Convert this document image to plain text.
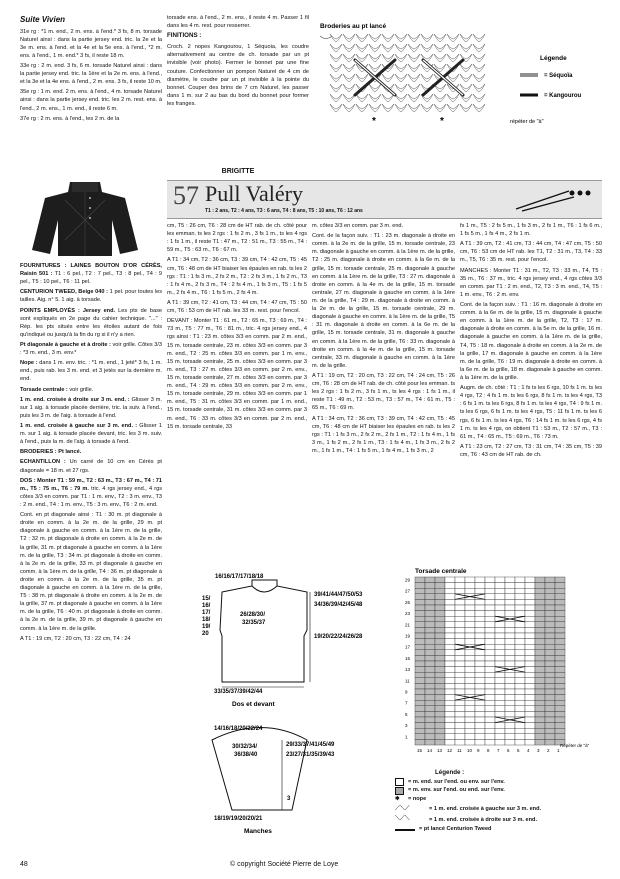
Suite Vivien

31e rg : *1 m. end., 2 m. ens. à l'end.* 3 fs, 8 m. torsade Naturel ainsi : dans la partie jersey end. tric. la 2e et la 3e m. ens. à l'end. et la 4e et la 5e ens. à l'end., *2 m. ens. à l'end., 1 m. end.* 3 fs, il reste 18 m.

33e rg : 2 m. end. 3 fs, 6 m. torsade Naturel ainsi : dans la partie jersey end. tric. la 1ère et la 2e m. ens. à l'end., et la 3e et la 4e ens. à l'end., 2 m. ens. 3 fs, il reste 10 m.

35e rg : 1 m. end. 2 m. ens. à l'end., 4 m. torsade Naturel ainsi : dans la partie jersey end. tric. les 2 m. rest. ens. à l'end., 2 m. ens., 1 m. end., il reste 6 m.

37e rg : 2 m. ens. à l'end., les 2 m. de la

torsade ens. à l'end., 2 m. ens., il reste 4 m. Passer 1 fil dans les 4 m. rest. pour resserrer.

FINITIONS :

Croch. 2 nopes Kangourou, 1 Séquoia, les coudre alternativement au centre de ch. torsade par un pt invisible (voir photo). Fermer le bonnet par une fine couture. Confectionner un pompon Naturel de 4 cm de diamètre, le coudre par un pt invisible à la pointe du bonnet. Couper des brins de 7 cm Naturel, les passer dans 1 m. sur 2 au bas du bord du bonnet pour former les franges.

BRIGITTE
Broderies au pt lancé
*	*	répéter de "à"
Légende
= Séquoïa
= Kangourou

FOURNITURES : LAINES BOUTON D'OR CÉRÈS, Raisin 501 : T1 : 6 pel., T2 : 7 pel., T3 : 8 pel., T4 : 9 pel., T5 : 10 pel., T6 : 11 pel.

CENTURION TWEED, Beige 040 : 1 pel. pour toutes les tailles. Aig. n° 5. 1 aig. à torsade.

POINTS EMPLOYÉS : Jersey end. Les pts de base sont expliqués en 2e page du cahier technique. "..." : Rép. les pts situés entre les étoiles autant de fois qu'indiqué ou jusqu'à la fin du rg si il n'y a rien.

Pt diagonale à gauche et à droite : voir grille. Côtes 3/3 : *3 m. end., 3 m. env.*

Nope : dans 1 m. env. tric. : *1 m. end., 1 jeté* 3 fs, 1 m. end., puis rab. les 3 m. end. et 3 jetés sur la dernière m. end.

Torsade centrale : voir grille.

1 m. end. croisée à droite sur 3 m. end. : Glisser 3 m. sur 1 aig. à torsade placée derrière, tric. la suiv. à l'end., puis les 3 m. de l'aig. à torsade à l'end.

1 m. end. croisée à gauche sur 3 m. end. : Glisser 1 m. sur 1 aig. à torsade placée devant, tric. les 3 m. suiv. à l'end., puis la m. de l'aig. à torsade à l'end.

BRODERIES : Pt lancé.

ECHANTILLON : Un carré de 10 cm en Cérès pt diagonale = 18 m. et 27 rgs.

DOS : Monter T1 : 59 m., T2 : 63 m., T3 : 67 m., T4 : 71 m., T5 : 75 m., T6 : 79 m. tric. 4 rgs jersey end., 4 rgs côtes 3/3 en comm. par T1 : 1 m. env., T2 : 3 m. env., T3 : 2 m. end., T4 : 1 m. env., T5 : 3 m. env., T6 : 2 m. end.

Cont. en pt diagonale ainsi : T1 : 30 m. pt diagonale à droite en comm. à la 2e m. de la grille, 29 m. pt diagonale à gauche en comm. à la 1ère m. de la grille, T2 : 32 m. pt diagonale à droite en comm. à la 2e m. de la grille, 31 m. pt diagonale à gauche en comm. à la 1ère m. de la grille, T3 : 34 m. pt diagonale à droite en comm. à la 2e m. de la grille, 33 m. pt diagonale à gauche en comm. à la 1ère m. de la grille, T4 : 36 m. pt diagonale à droite en comm. à la 2e m. de la grille, 35 m. pt diagonale à gauche en comm. à la 1ère m. de la grille, T5 : 38 m. pt diagonale à droite en comm. à la 2e m. de la grille, 37 m. pt diagonale à gauche en comm. à la 1ère m. de la grille, T6 : 40 m. pt diagonale à droite en comm. à la 2e m. de la grille, 39 m. pt diagonale à gauche en comm. à la 1ère m. de la grille.

A T1 : 19 cm, T2 : 20 cm, T3 : 22 cm, T4 : 24

57 Pull Valéry
T1 : 2 ans, T2 : 4 ans, T3 : 6 ans, T4 : 8 ans, T5 : 10 ans, T6 : 12 ans

cm, T5 : 26 cm, T6 : 28 cm de HT rab. de ch. côté pour les emman. ts les 2 rgs : 1 fs 2 m., 3 fs 1 m., ts les 4 rgs : 1 fs 1 m., il reste T1 : 47 m., T2 : 51 m., T3 : 55 m., T4 : 59 m., T5 : 63 m., T6 : 67 m.

A T1 : 34 cm, T2 : 36 cm, T3 : 39 cm, T4 : 42 cm, T5 : 45 cm, T6 : 48 cm de HT biaiser les épaules en rab. ts les 2 rgs : T1 : 1 fs 3 m., 2 fs 2 m., T2 : 2 fs 3 m., 1 fs 2 m., T3 : 1 fs 4 m., 2 fs 3 m., T4 : 2 fs 4 m., 1 fs 3 m., T5 : 1 fs 5 m., 2 fs 4 m., T6 : 1 fs 5 m., 2 fs 4 m.

A T1 : 39 cm, T2 : 41 cm, T3 : 44 cm, T4 : 47 cm, T5 : 50 cm, T6 : 53 cm de HT rab. les 33 m. rest. pour l'encol.

DEVANT : Monter T1 : 61 m., T2 : 65 m., T3 : 69 m., T4 : 73 m., T5 : 77 m., T6 : 81 m., tric. 4 rgs jersey end., 4 rgs ainsi : T1 : 23 m. côtes 3/3 en comm. par 2 m. end., 15 m. torsade centrale, 23 m. côtes 3/3 en comm. par 3 m. end., T2 : 25 m. côtes 3/3 en comm. par 1 m. env., 15 m. torsade centrale, 25 m. côtes 3/3 en comm. par 3 m. end., T3 : 27 m. côtes 3/3 en comm. par 2 m. env., 15 m. torsade centrale, 27 m. côtes 3/3 en comm. par 3 m. end., T4 : 29 m. côtes 3/3 en comm. par 2 m. env., 15 m. torsade centrale, 29 m. côtes 3/3 en comm. par 1 m. end., T5 : 31 m. côtes 3/3 en comm. par 1 m. end., 15 m. torsade centrale, 31 m. côtes 3/3 en comm. par 3 m. end., T6 : 33 m. côtes 3/3 en comm. par 2 m. end., 15 m. torsade centrale, 33

m. côtes 3/3 en comm. par 3 m. end.

Cont. de la façon suiv. : T1 : 23 m. diagonale à droite en comm. à la 2e m. de la grille, 15 m. torsade centrale, 23 m. diagonale à gauche en comm. à la 1ère m. de la grille, T2 : 25 m. diagonale à droite en comm. à la 6e m. de la grille, 15 m. torsade centrale, 25 m. diagonale à gauche en comm. à la 1ère m. de la grille, T3 : 27 m. diagonale à droite en comm. à la 4e m. de la grille, 15 m. torsade centrale, 27 m. diagonale à gauche en comm. à la 1ère m. de la grille, T4 : 29 m. diagonale à droite en comm. à la 2e m. de la grille, 15 m. torsade centrale, 29 m. diagonale à gauche en comm. à la 1ère m. de la grille, T5 : 31 m. diagonale à droite en comm. à la 6e m. de la grille, 15 m. torsade centrale, 31 m. diagonale à gauche en comm. à la 1ère m. de la grille, T6 : 33 m. diagonale à droite en comm. à la 4e m. de la grille, 15 m. torsade centrale, 33 m. diagonale à gauche en comm. à la 1ère m. de la grille.

A T1 : 19 cm, T2 : 20 cm, T3 : 22 cm, T4 : 24 cm, T5 : 26 cm, T6 : 28 cm de HT rab. de ch. côté pour les emman. ts les 2 rgs : 1 fs 2 m., 3 fs 1 m., ts les 4 rgs : 1 fs 1 m., il reste T1 : 49 m., T2 : 53 m., T3 : 57 m., T4 : 61 m., T5 : 65 m., T6 : 69 m.

A T1 : 34 cm, T2 : 36 cm, T3 : 39 cm, T4 : 42 cm, T5 : 45 cm, T6 : 48 cm de HT biaiser les épaules en rab. ts les 2 rgs : T1 : 1 fs 3 m., 2 fs 2 m., 2 fs 1 m., T2 : 1 fs 4 m., 1 fs 3 m., 1 fs 2 m., 2 fs 1 m., T3 : 1 fs 4 m., 1 fs 3 m., 2 fs 2 m., 1 fs 1 m., T4 : 1 fs 5 m., 1 fs 4 m., 1 fs 3 m., 2

fs 1 m., T5 : 2 fs 5 m., 1 fs 3 m., 2 fs 1 m., T6 : 1 fs 6 m., 1 fs 5 m., 1 fs 4 m., 2 fs 1 m.

A T1 : 39 cm, T2 : 41 cm, T3 : 44 cm, T4 : 47 cm, T5 : 50 cm, T6 : 53 cm de HT rab. les T1, T2 : 31 m., T3, T4 : 33 m., T5, T6 : 35 m. rest. pour l'encol.

MANCHES : Monter T1 : 31 m., T2, T3 : 33 m., T4, T5 : 35 m., T6 : 37 m., tric. 4 rgs jersey end., 4 rgs côtes 3/3 en comm. par T1 : 2 m. end., T2, T3 : 3 m. end., T4, T5 : 1 m. env., T6 : 2 m. env.

Cont. de la façon suiv. : T1 : 16 m. diagonale à droite en comm. à la 6e m. de la grille, 15 m. diagonale à gauche en comm. à la 1ère m. de la grille, T2, T3 : 17 m. diagonale à droite en comm. à la 5e m. de la grille, 16 m. diagonale à gauche en comm. à la 1ère m. de la grille, T4, T5 : 18 m. diagonale à droite en comm. à la 2e m. de la grille, 17 m. diagonale à gauche en comm. à la 1ère m. de la grille, T6 : 19 m. diagonale à droite en comm. à la 6e m. de la grille, 18 m. diagonale à gauche en comm. à la 1ère m. de la grille.

Augm. de ch. côté : T1 : 1 fs ts les 6 rgs, 10 fs 1 m. ts les 4 rgs, T2 : 4 fs 1 m. ts les 6 rgs, 8 fs 1 m. ts les 4 rgs, T3 : 6 fs 1 m. ts les 6 rgs, 8 fs 1 m. ts les 4 rgs, T4 : 9 fs 1 m. ts les 6 rgs, 6 fs 1 m. ts les 4 rgs, T5 : 11 fs 1 m. ts les 6 rgs, 6 fs 1 m. ts les 4 rgs, T6 : 14 fs 1 m. ts les 6 rgs, 4 fs 1 m. ts les 4 rgs, on obtient T1 : 53 m., T2 : 57 m., T3 : 61 m., T4 : 65 m., T5 : 69 m., T6 : 73 m.

A T1 : 23 cm, T2 : 27 cm, T3 : 31 cm, T4 : 35 cm, T5 : 39 cm, T6 : 43 cm de HT rab. de ch.

16/16/17/17/18/18
15/
16/
17/
18/
19/
20
26/28/30/
32/35/37
39/41/44/47/50/53
34/36/39/42/45/48
19/20/22/24/26/28
33/35/37/39/42/44
Dos et devant
14/16/18/20/22/24
30/32/34/
36/38/40
29/33/37/41/45/49
23/27/31/35/39/43
3
18/19/19/20/20/21
Manches
Torsade centrale
29
27
25
23
21
19
17
15
13
11
9
7
5
3
1
15 14 13 12 11 10 9 8 7 6 5 4 3 2 1
Répéter de "à"
Légende :
= m. end. sur l'end. ou env. sur l'env.
= m. env. sur l'end. ou end. sur l'env.
✱	= nope
⟋⟍⟋	= 1 m. end. croisée à gauche sur 3 m. end.
⟍⟋⟍	= 1 m. end. croisée à droite sur 3 m. end.
= pt lancé Centurion Tweed
48	© copyright Société Pierre de Loye
